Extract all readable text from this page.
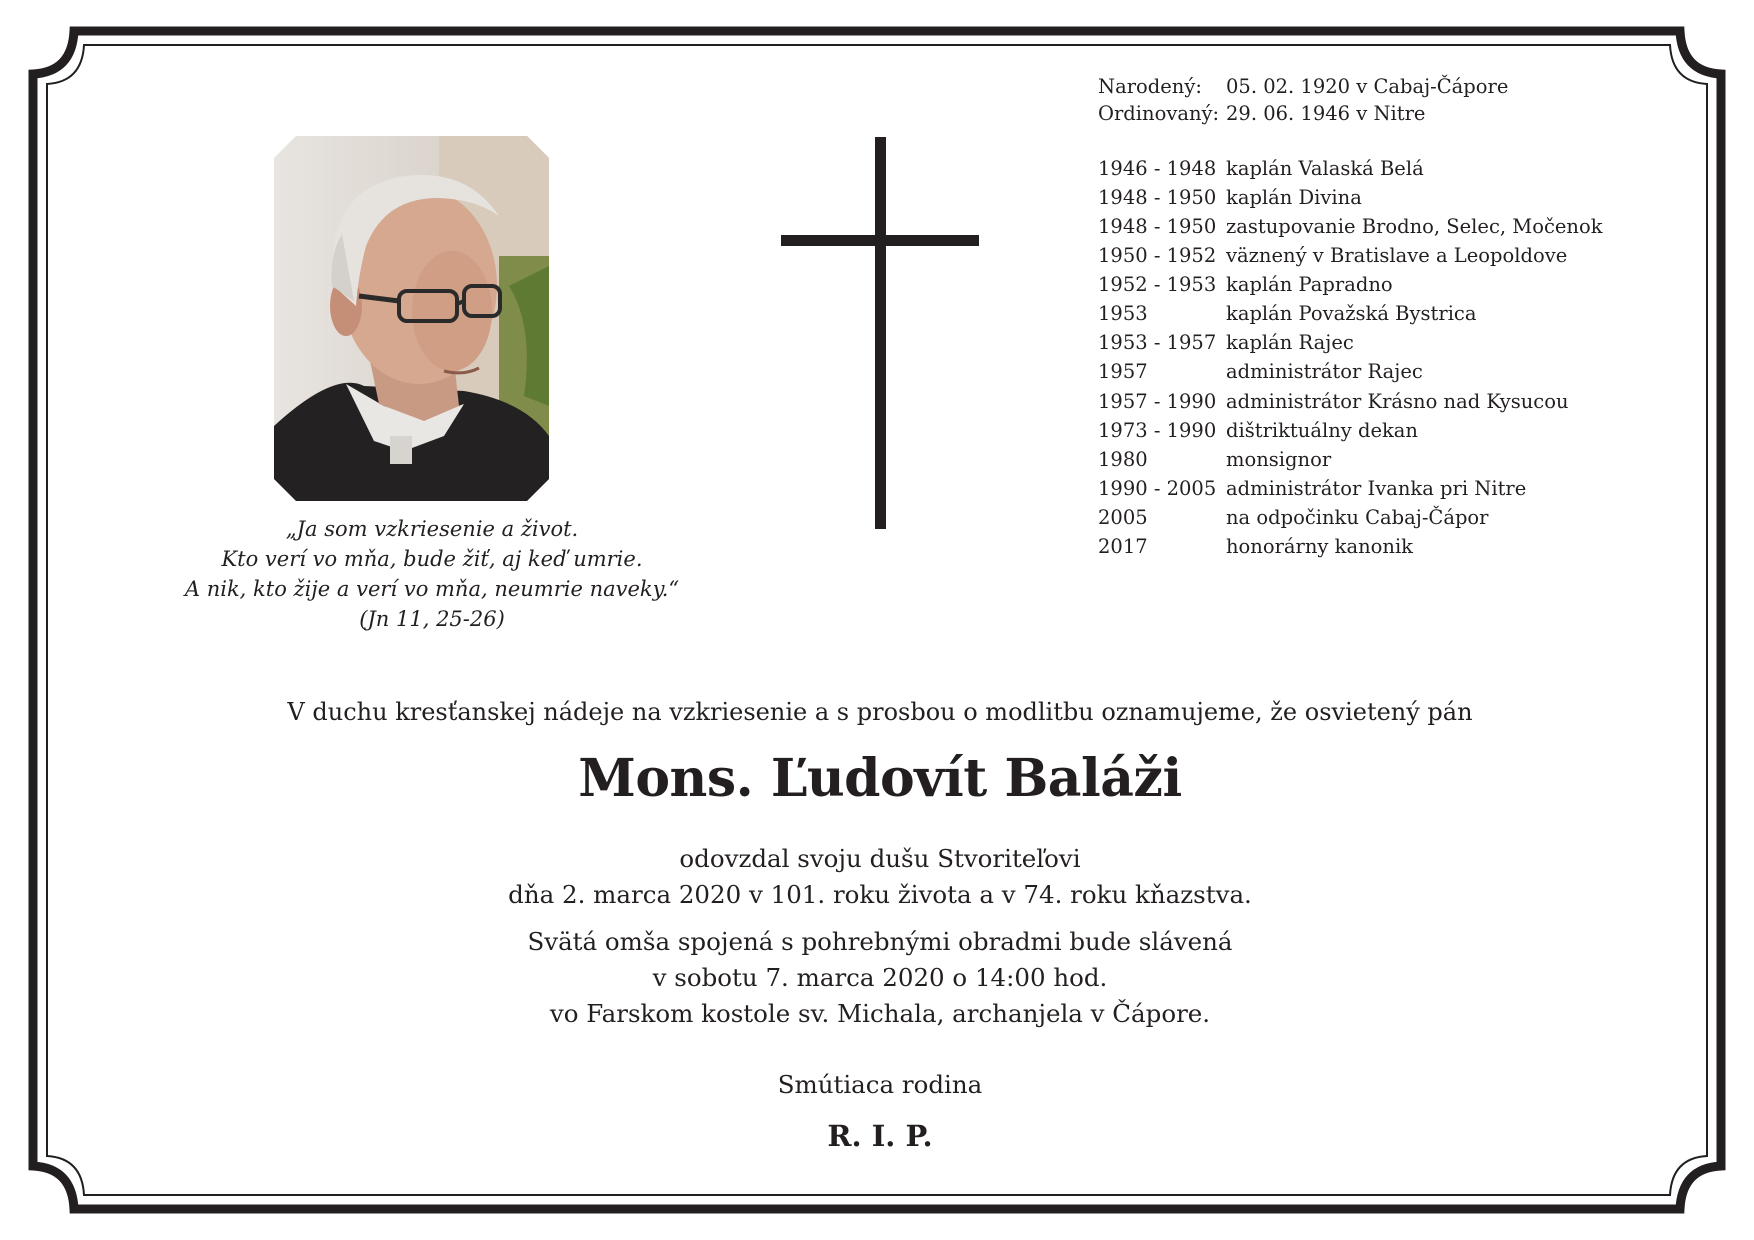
„Ja som vzkriesenie a život.
Kto verí vo mňa, bude žiť, aj keď umrie.
A nik, kto žije a verí vo mňa, neumrie naveky.“
(Jn 11, 25-26)
Narodený: 05. 02. 1920 v Cabaj-Čápore
Ordinovaný: 29. 06. 1946 v Nitre
1946 - 1948 kaplán Valaská Belá
1948 - 1950 kaplán Divina
1948 - 1950 zastupovanie Brodno, Selec, Močenok
1950 - 1952 väznený v Bratislave a Leopoldove
1952 - 1953 kaplán Papradno
1953	kaplán Považská Bystrica
1953 - 1957 kaplán Rajec
1957	administrátor Rajec
1957 - 1990 administrátor Krásno nad Kysucou
1973 - 1990 dištriktuálny dekan
1980	monsignor
1990 - 2005 administrátor Ivanka pri Nitre
2005	na odpočinku Cabaj-Čápor
2017	honorárny kanonik
V duchu kresťanskej nádeje na vzkriesenie a s prosbou o modlitbu oznamujeme, že osvietený pán
Mons. Ľudovít Baláži
odovzdal svoju dušu Stvoriteľovi
dňa 2. marca 2020 v 101. roku života a v 74. roku kňazstva.
Svätá omša spojená s pohrebnými obradmi bude slávená
v sobotu 7. marca 2020 o 14:00 hod.
vo Farskom kostole sv. Michala, archanjela v Čápore.
Smútiaca rodina
R. I. P.
